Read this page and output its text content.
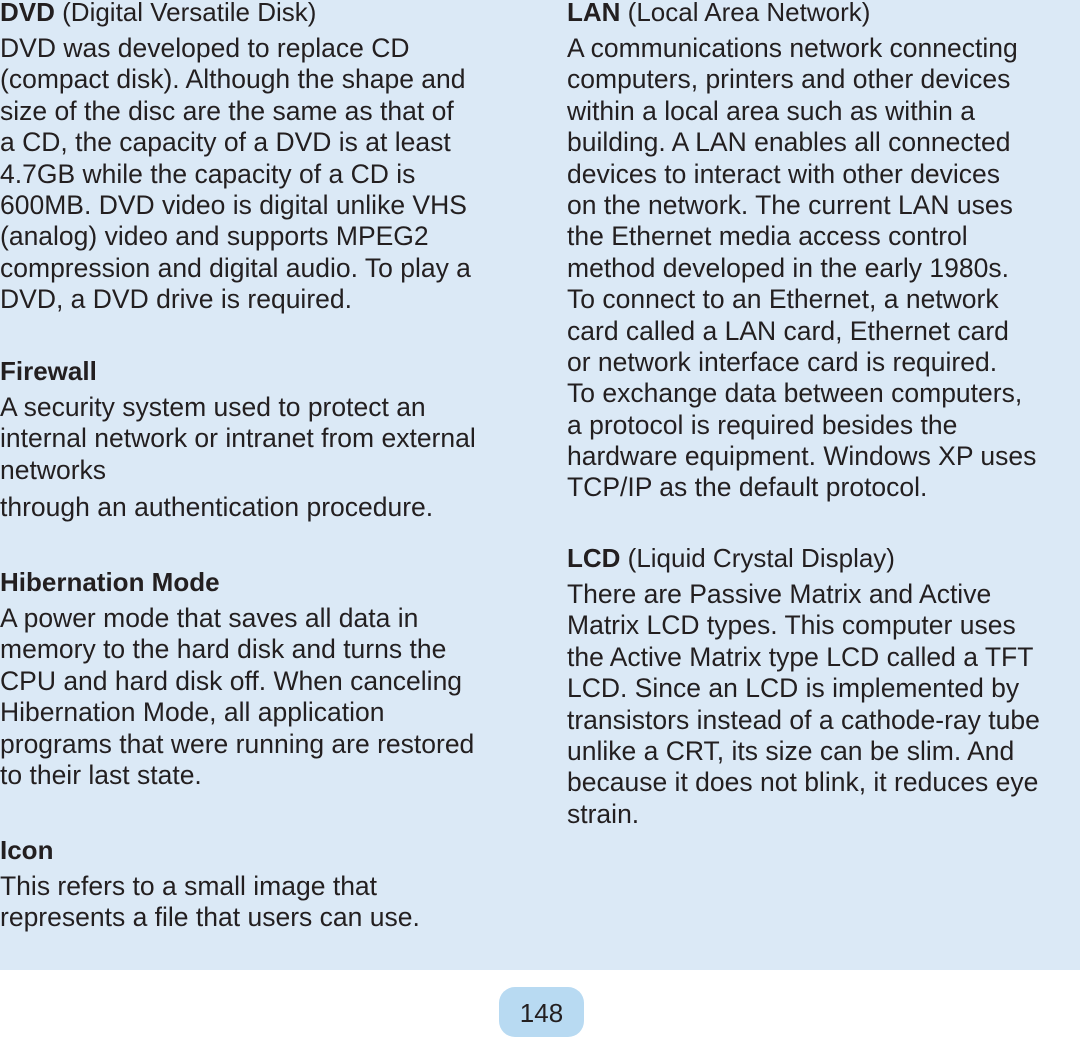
DVD (Digital Versatile Disk)
DVD was developed to replace CD
(compact disk). Although the shape and
size of the disc are the same as that of
a CD, the capacity of a DVD is at least
4.7GB while the capacity of a CD is
600MB. DVD video is digital unlike VHS
(analog) video and supports MPEG2
compression and digital audio. To play a
DVD, a DVD drive is required.
Firewall
A security system used to protect an
internal network or intranet from external
networks
through an authentication procedure.
Hibernation Mode
A power mode that saves all data in
memory to the hard disk and turns the
CPU and hard disk off. When canceling
Hibernation Mode, all application
programs that were running are restored
to their last state.
Icon
This refers to a small image that
represents a file that users can use.
LAN (Local Area Network)
A communications network connecting
computers, printers and other devices
within a local area such as within a
building. A LAN enables all connected
devices to interact with other devices
on the network. The current LAN uses
the Ethernet media access control
method developed in the early 1980s.
To connect to an Ethernet, a network
card called a LAN card, Ethernet card
or network interface card is required.
To exchange data between computers,
a protocol is required besides the
hardware equipment. Windows XP uses
TCP/IP as the default protocol.
LCD (Liquid Crystal Display)
There are Passive Matrix and Active
Matrix LCD types. This computer uses
the Active Matrix type LCD called a TFT
LCD. Since an LCD is implemented by
transistors instead of a cathode-ray tube
unlike a CRT, its size can be slim. And
because it does not blink, it reduces eye
strain.
148
